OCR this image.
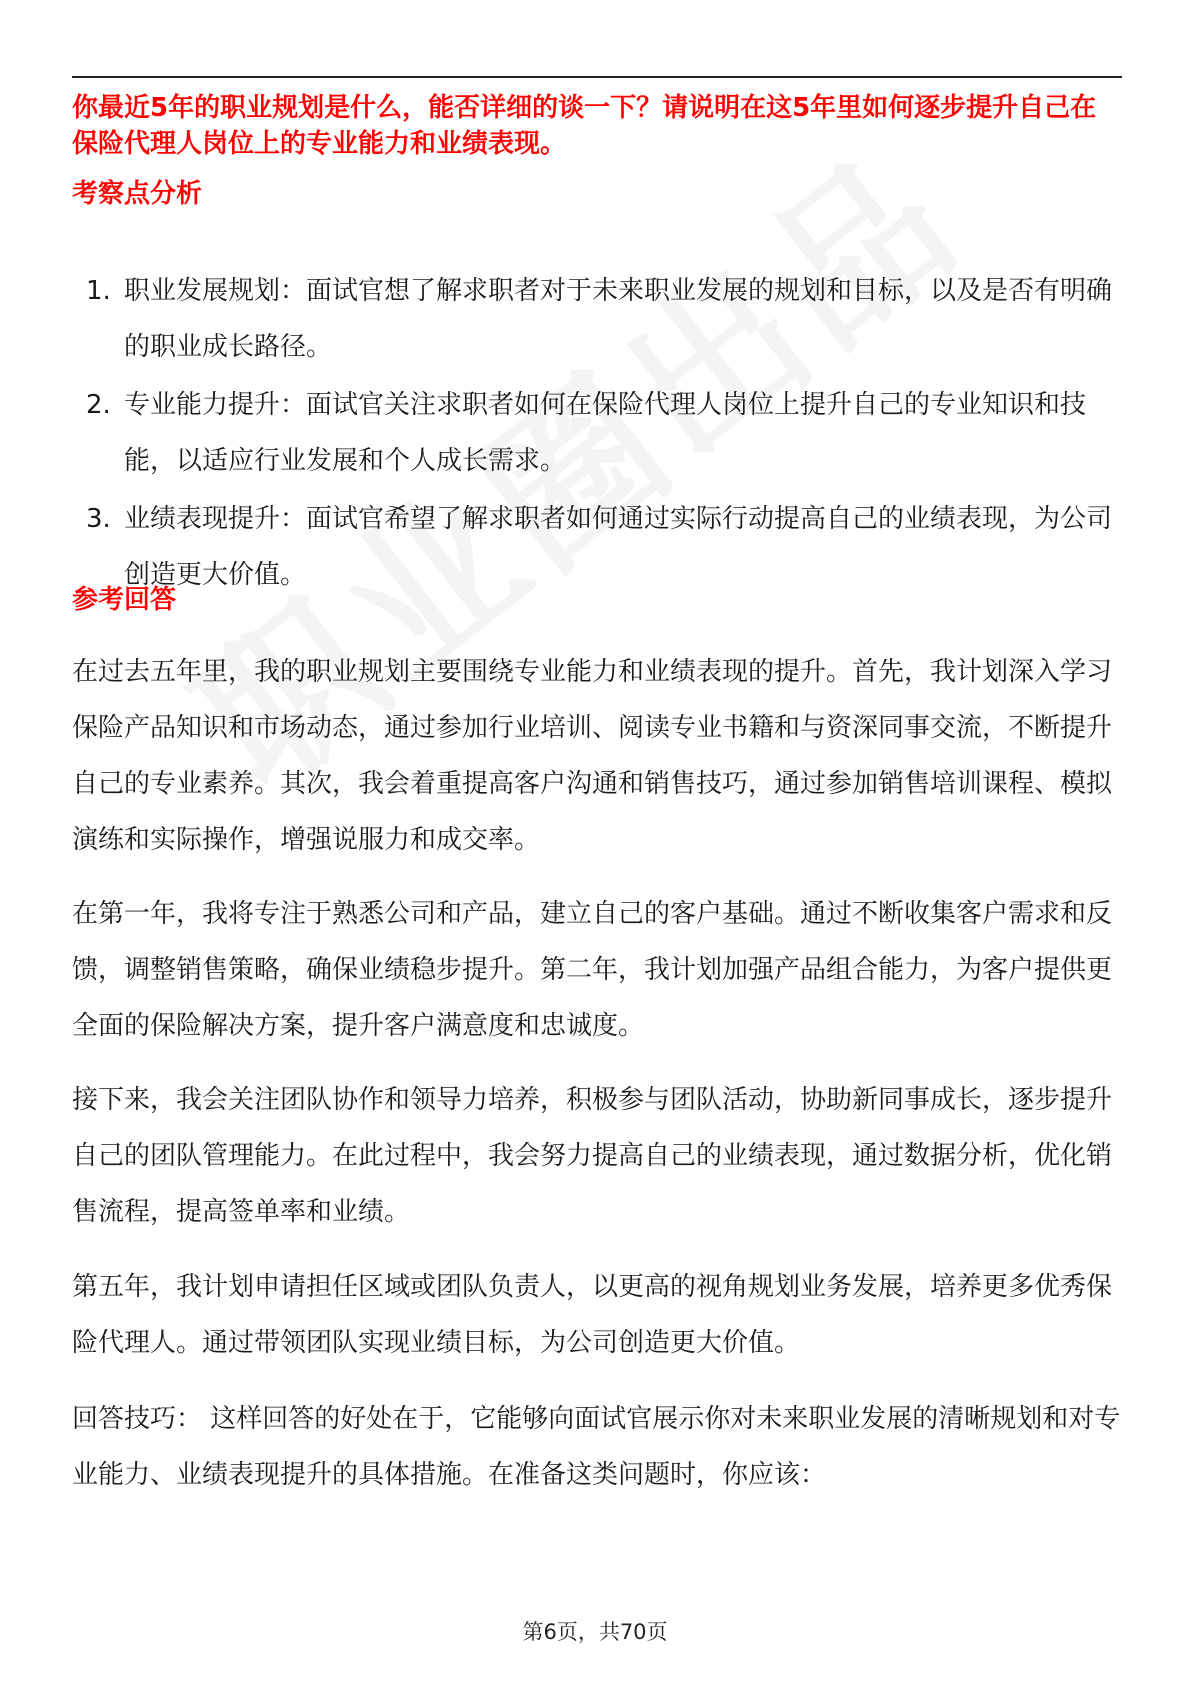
你最近5年的职业规划是什么，能否详细的谈一下？请说明在这5年里如何逐步提升自己在保险代理人岗位上的专业能力和业绩表现。

考察点分析
1. 职业发展规划：面试官想了解求职者对于未来职业发展的规划和目标，以及是否有明确的职业成长路径。
2. 专业能力提升：面试官关注求职者如何在保险代理人岗位上提升自己的专业知识和技能，以适应行业发展和个人成长需求。
3. 业绩表现提升：面试官希望了解求职者如何通过实际行动提高自己的业绩表现，为公司创造更大价值。
参考回答

在过去五年里，我的职业规划主要围绕专业能力和业绩表现的提升。首先，我计划深入学习保险产品知识和市场动态，通过参加行业培训、阅读专业书籍和与资深同事交流，不断提升自己的专业素养。其次，我会着重提高客户沟通和销售技巧，通过参加销售培训课程、模拟演练和实际操作，增强说服力和成交率。

在第一年，我将专注于熟悉公司和产品，建立自己的客户基础。通过不断收集客户需求和反馈，调整销售策略，确保业绩稳步提升。第二年，我计划加强产品组合能力，为客户提供更全面的保险解决方案，提升客户满意度和忠诚度。

接下来，我会关注团队协作和领导力培养，积极参与团队活动，协助新同事成长，逐步提升自己的团队管理能力。在此过程中，我会努力提高自己的业绩表现，通过数据分析，优化销售流程，提高签单率和业绩。

第五年，我计划申请担任区域或团队负责人，以更高的视角规划业务发展，培养更多优秀保险代理人。通过带领团队实现业绩目标，为公司创造更大价值。

回答技巧： 这样回答的好处在于，它能够向面试官展示你对未来职业发展的清晰规划和对专业能力、业绩表现提升的具体措施。在准备这类问题时，你应该：

第6页，共70页
